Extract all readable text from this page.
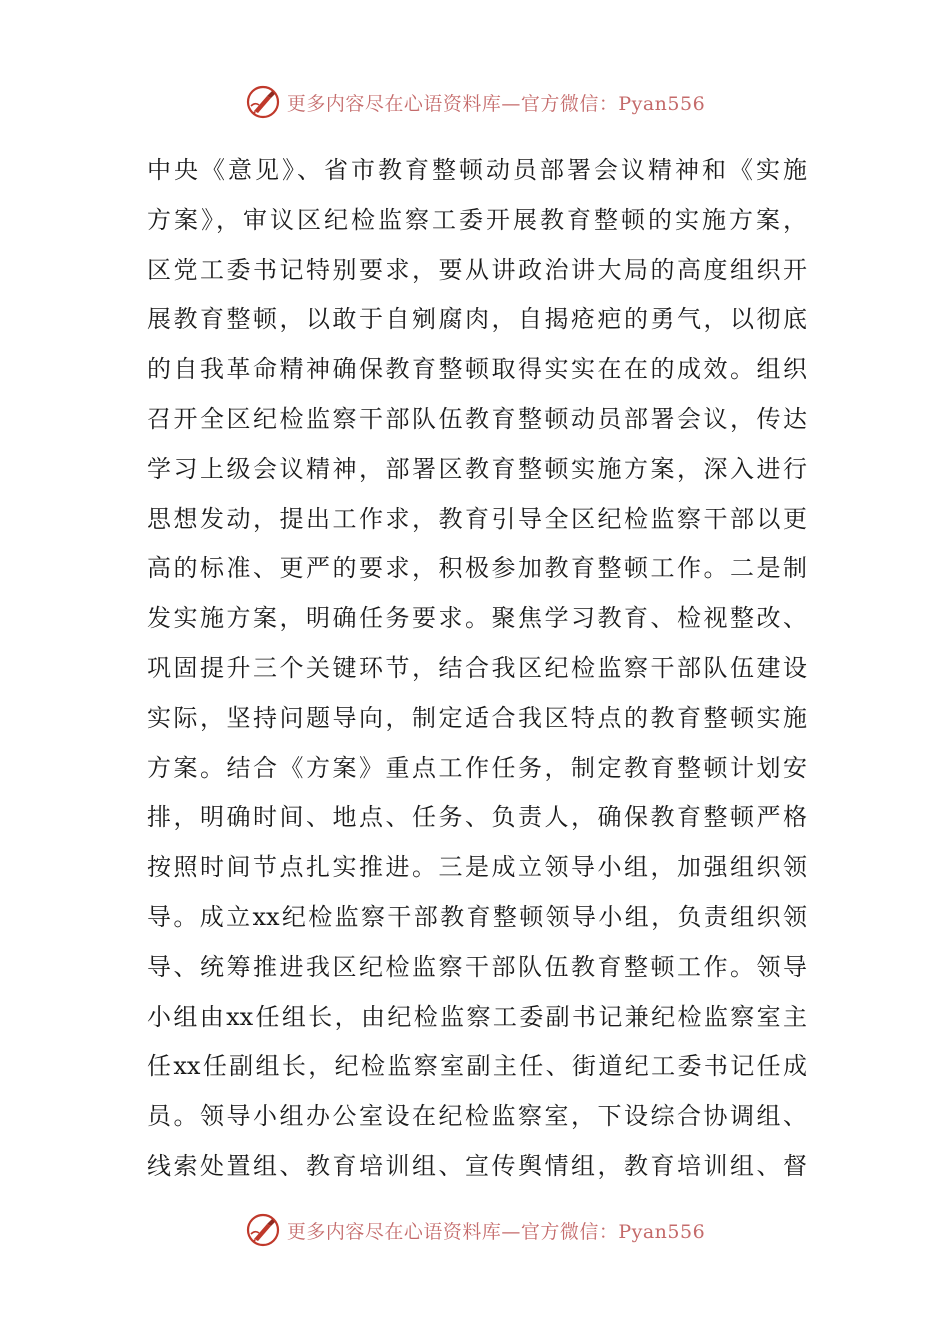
更多内容尽在心语资料库—官方微信：Pyan556
中央《意见》、省市教育整顿动员部署会议精神和《实施
方案》，审议区纪检监察工委开展教育整顿的实施方案，
区党工委书记特别要求，要从讲政治讲大局的高度组织开
展教育整顿，以敢于自剜腐肉，自揭疮疤的勇气，以彻底
的自我革命精神确保教育整顿取得实实在在的成效。组织
召开全区纪检监察干部队伍教育整顿动员部署会议，传达
学习上级会议精神，部署区教育整顿实施方案，深入进行
思想发动，提出工作求，教育引导全区纪检监察干部以更
高的标准、更严的要求，积极参加教育整顿工作。二是制
发实施方案，明确任务要求。聚焦学习教育、检视整改、
巩固提升三个关键环节，结合我区纪检监察干部队伍建设
实际，坚持问题导向，制定适合我区特点的教育整顿实施
方案。结合《方案》重点工作任务，制定教育整顿计划安
排，明确时间、地点、任务、负责人，确保教育整顿严格
按照时间节点扎实推进。三是成立领导小组，加强组织领
导。成立xx纪检监察干部教育整顿领导小组，负责组织领
导、统筹推进我区纪检监察干部队伍教育整顿工作。领导
小组由xx任组长，由纪检监察工委副书记兼纪检监察室主
任xx任副组长，纪检监察室副主任、街道纪工委书记任成
员。领导小组办公室设在纪检监察室，下设综合协调组、
线索处置组、教育培训组、宣传舆情组，教育培训组、督
更多内容尽在心语资料库—官方微信：Pyan556
